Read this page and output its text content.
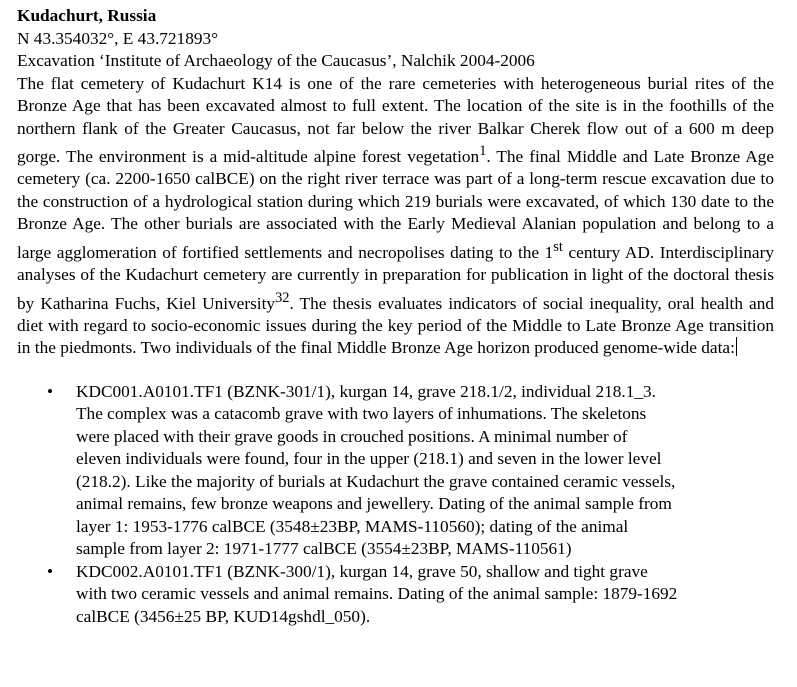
Kudachurt, Russia

N 43.354032°, E 43.721893°

Excavation ‘Institute of Archaeology of the Caucasus’, Nalchik 2004-2006

The flat cemetery of Kudachurt K14 is one of the rare cemeteries with heterogeneous burial rites of the Bronze Age that has been excavated almost to full extent. The location of the site is in the foothills of the northern flank of the Greater Caucasus, not far below the river Balkar Cherek flow out of a 600 m deep gorge. The environment is a mid-altitude alpine forest vegetation$^1$. The final Middle and Late Bronze Age cemetery (ca. 2200-1650 calBCE) on the right river terrace was part of a long-term rescue excavation due to the construction of a hydrological station during which 219 burials were excavated, of which 130 date to the Bronze Age. The other burials are associated with the Early Medieval Alanian population and belong to a large agglomeration of fortified settlements and necropolises dating to the 1st century AD. Interdisciplinary analyses of the Kudachurt cemetery are currently in preparation for publication in light of the doctoral thesis by Katharina Fuchs, Kiel University$^{32}$. The thesis evaluates indicators of social inequality, oral health and diet with regard to socio-economic issues during the key period of the Middle to Late Bronze Age transition in the piedmonts. Two individuals of the final Middle Bronze Age horizon produced genome-wide data:

• KDC001.A0101.TF1 (BZNK-301/1), kurgan 14, grave 218.1/2, individual 218.1_3.
The complex was a catacomb grave with two layers of inhumations. The skeletons
were placed with their grave goods in crouched positions. A minimal number of
eleven individuals were found, four in the upper (218.1) and seven in the lower level
(218.2). Like the majority of burials at Kudachurt the grave contained ceramic vessels,
animal remains, few bronze weapons and jewellery. Dating of the animal sample from
layer 1: 1953-1776 calBCE (3548±23BP, MAMS-110560); dating of the animal
sample from layer 2: 1971-1777 calBCE (3554±23BP, MAMS-110561)
• KDC002.A0101.TF1 (BZNK-300/1), kurgan 14, grave 50, shallow and tight grave
with two ceramic vessels and animal remains. Dating of the animal sample: 1879-1692
calBCE (3456±25 BP, KUD14gshdl_050).
